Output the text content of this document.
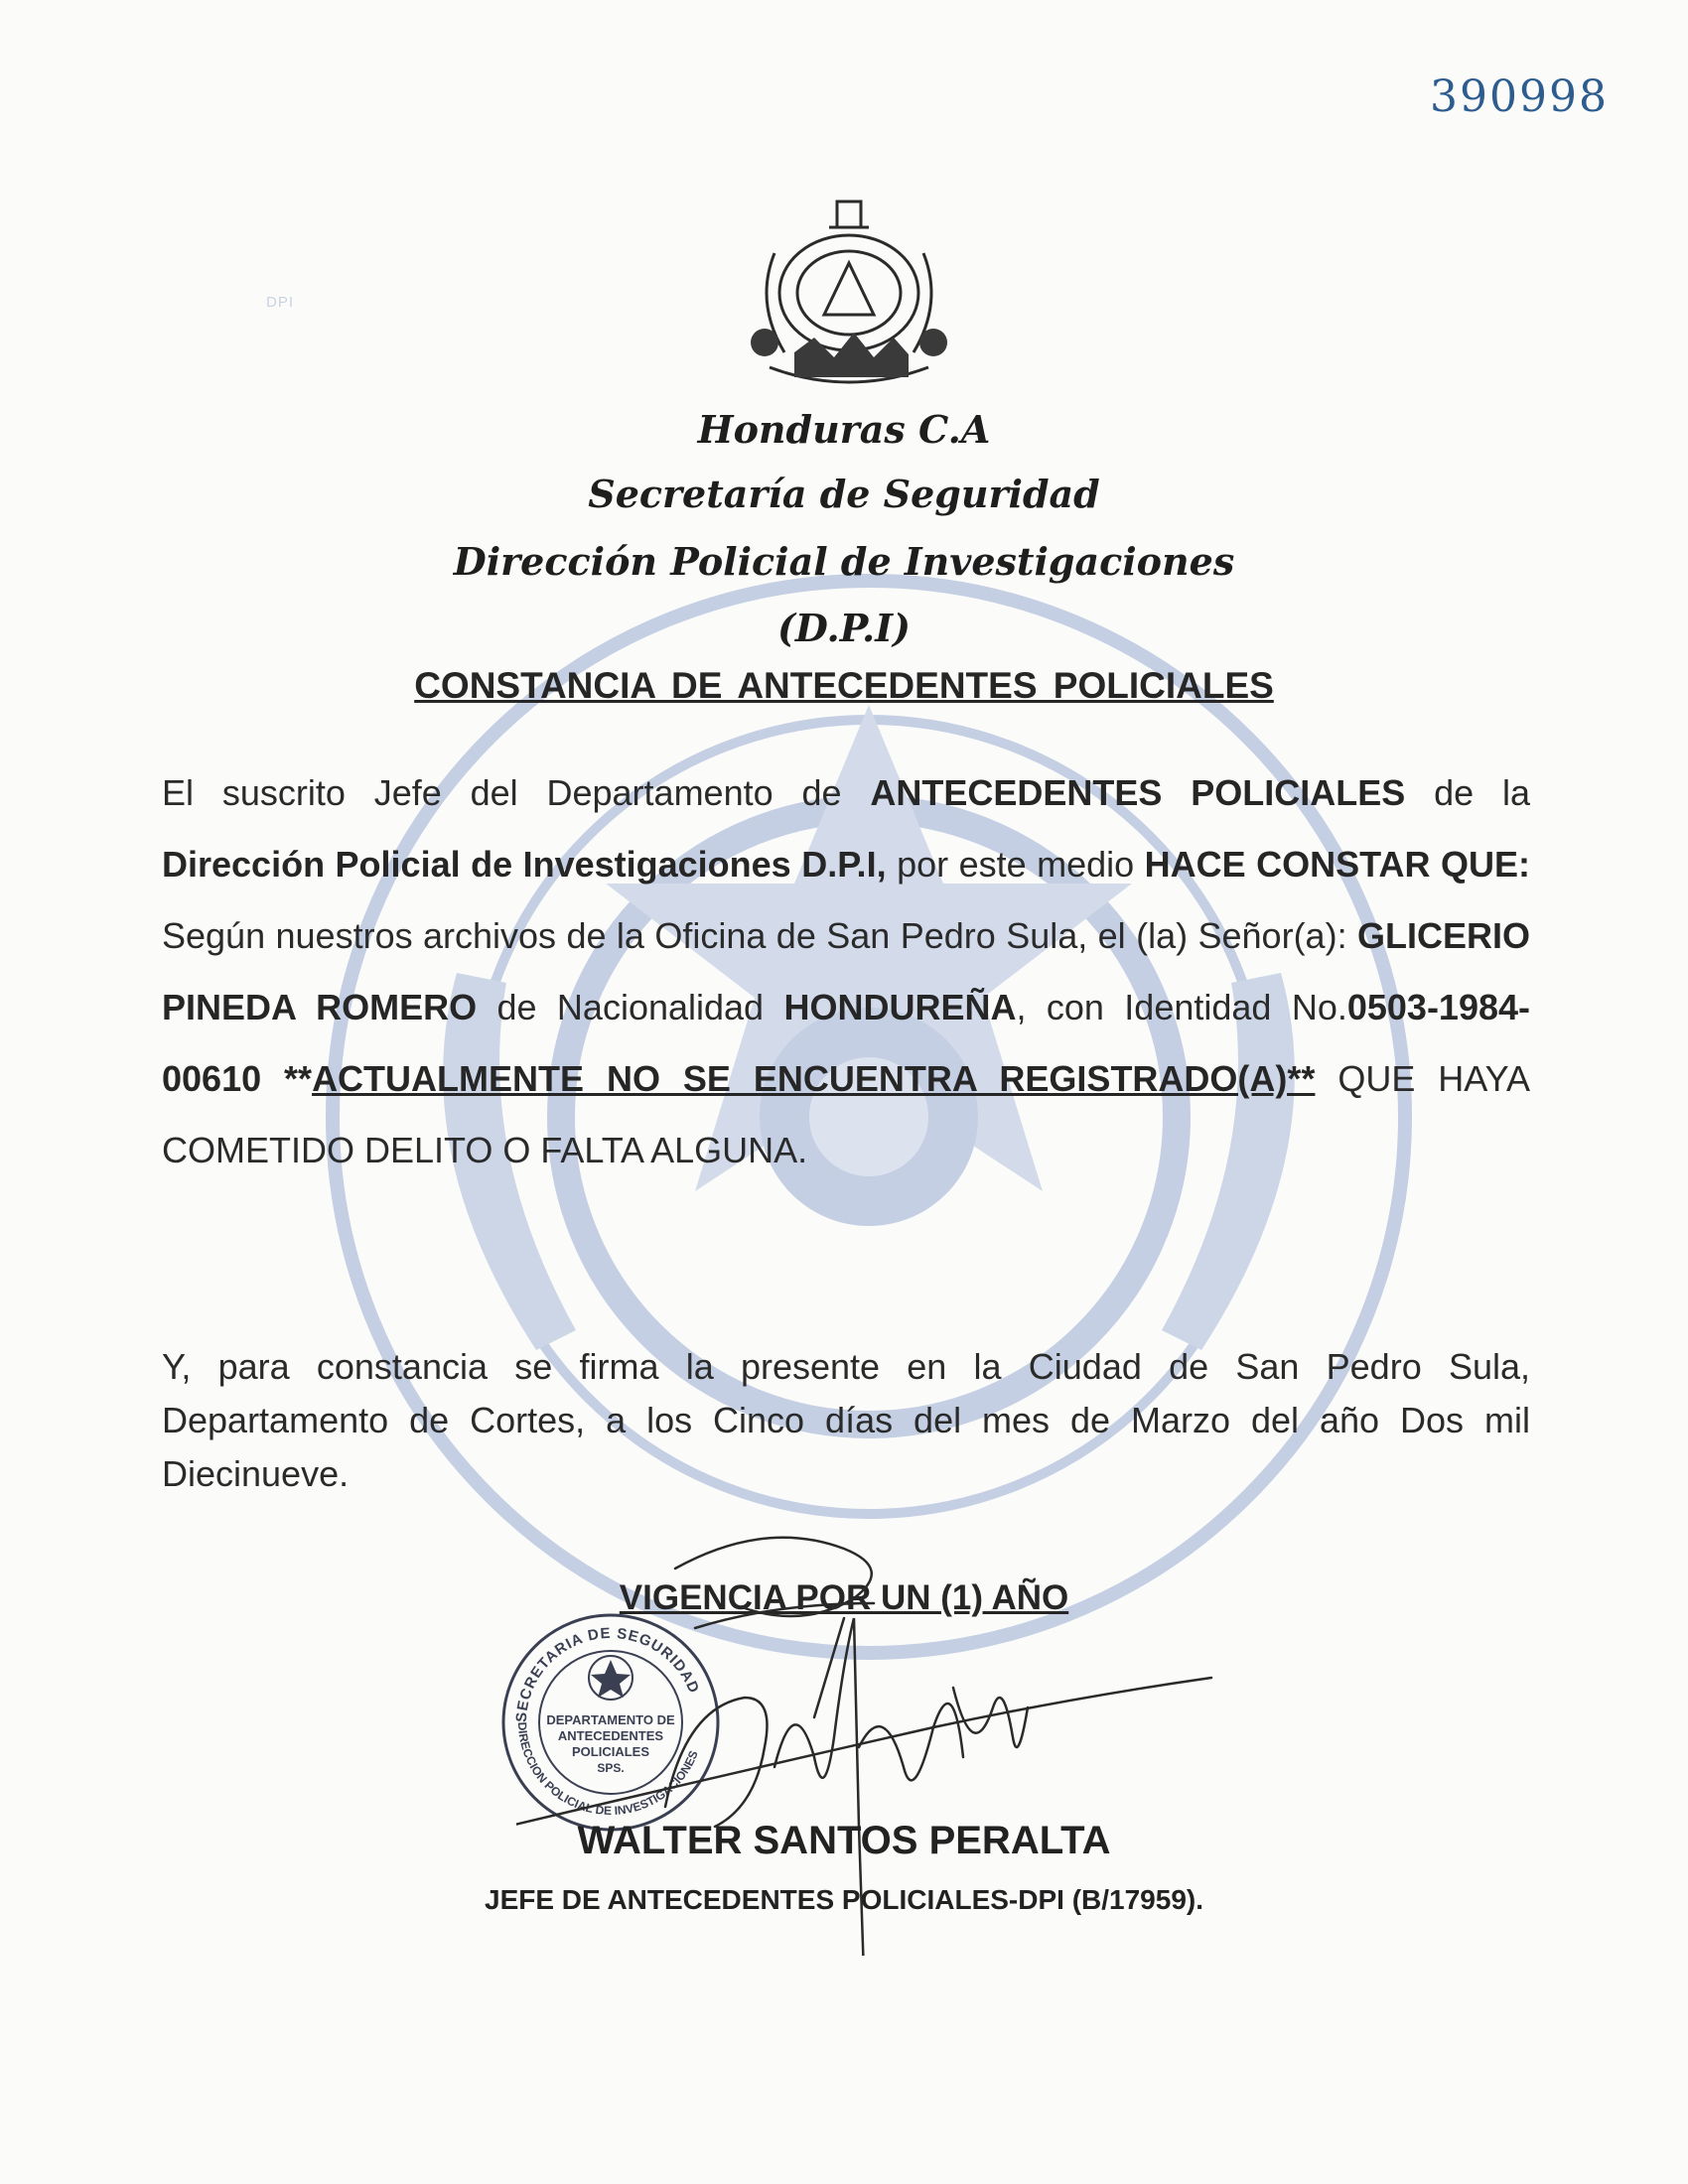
390998
DPI
Honduras C.A
Secretaría de Seguridad
Dirección Policial de Investigaciones
(D.P.I)
CONSTANCIA DE ANTECEDENTES POLICIALES
El suscrito Jefe del Departamento de ANTECEDENTES POLICIALES de la Dirección Policial de Investigaciones D.P.I, por este medio HACE CONSTAR QUE: Según nuestros archivos de la Oficina de San Pedro Sula, el (la) Señor(a): GLICERIO PINEDA ROMERO de Nacionalidad HONDUREÑA, con Identidad No.0503-1984-00610 **ACTUALMENTE NO SE ENCUENTRA REGISTRADO(A)** QUE HAYA COMETIDO DELITO O FALTA ALGUNA.
Y, para constancia se firma la presente en la Ciudad de San Pedro Sula, Departamento de Cortes, a los Cinco días del mes de Marzo del año Dos mil Diecinueve.
VIGENCIA POR UN (1) AÑO
SECRETARIA DE SEGURIDAD
DIRECCION POLICIAL DE INVESTIGACIONES
DEPARTAMENTO DE
ANTECEDENTES
POLICIALES
SPS.
WALTER SANTOS PERALTA
JEFE DE ANTECEDENTES POLICIALES-DPI (B/17959).
